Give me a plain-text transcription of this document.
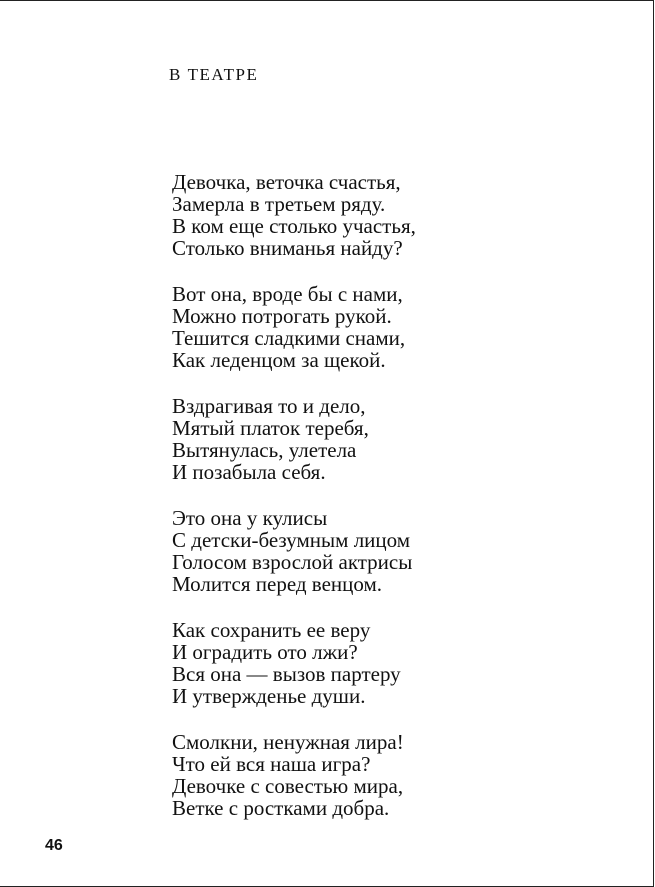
В ТЕАТРЕ
Девочка, веточка счастья,
Замерла в третьем ряду.
В ком еще столько участья,
Столько вниманья найду?
Вот она, вроде бы с нами,
Можно потрогать рукой.
Тешится сладкими снами,
Как леденцом за щекой.
Вздрагивая то и дело,
Мятый платок теребя,
Вытянулась, улетела
И позабыла себя.
Это она у кулисы
С детски-безумным лицом
Голосом взрослой актрисы
Молится перед венцом.
Как сохранить ее веру
И оградить ото лжи?
Вся она — вызов партеру
И утвержденье души.
Смолкни, ненужная лира!
Что ей вся наша игра?
Девочке с совестью мира,
Ветке с ростками добра.
46
